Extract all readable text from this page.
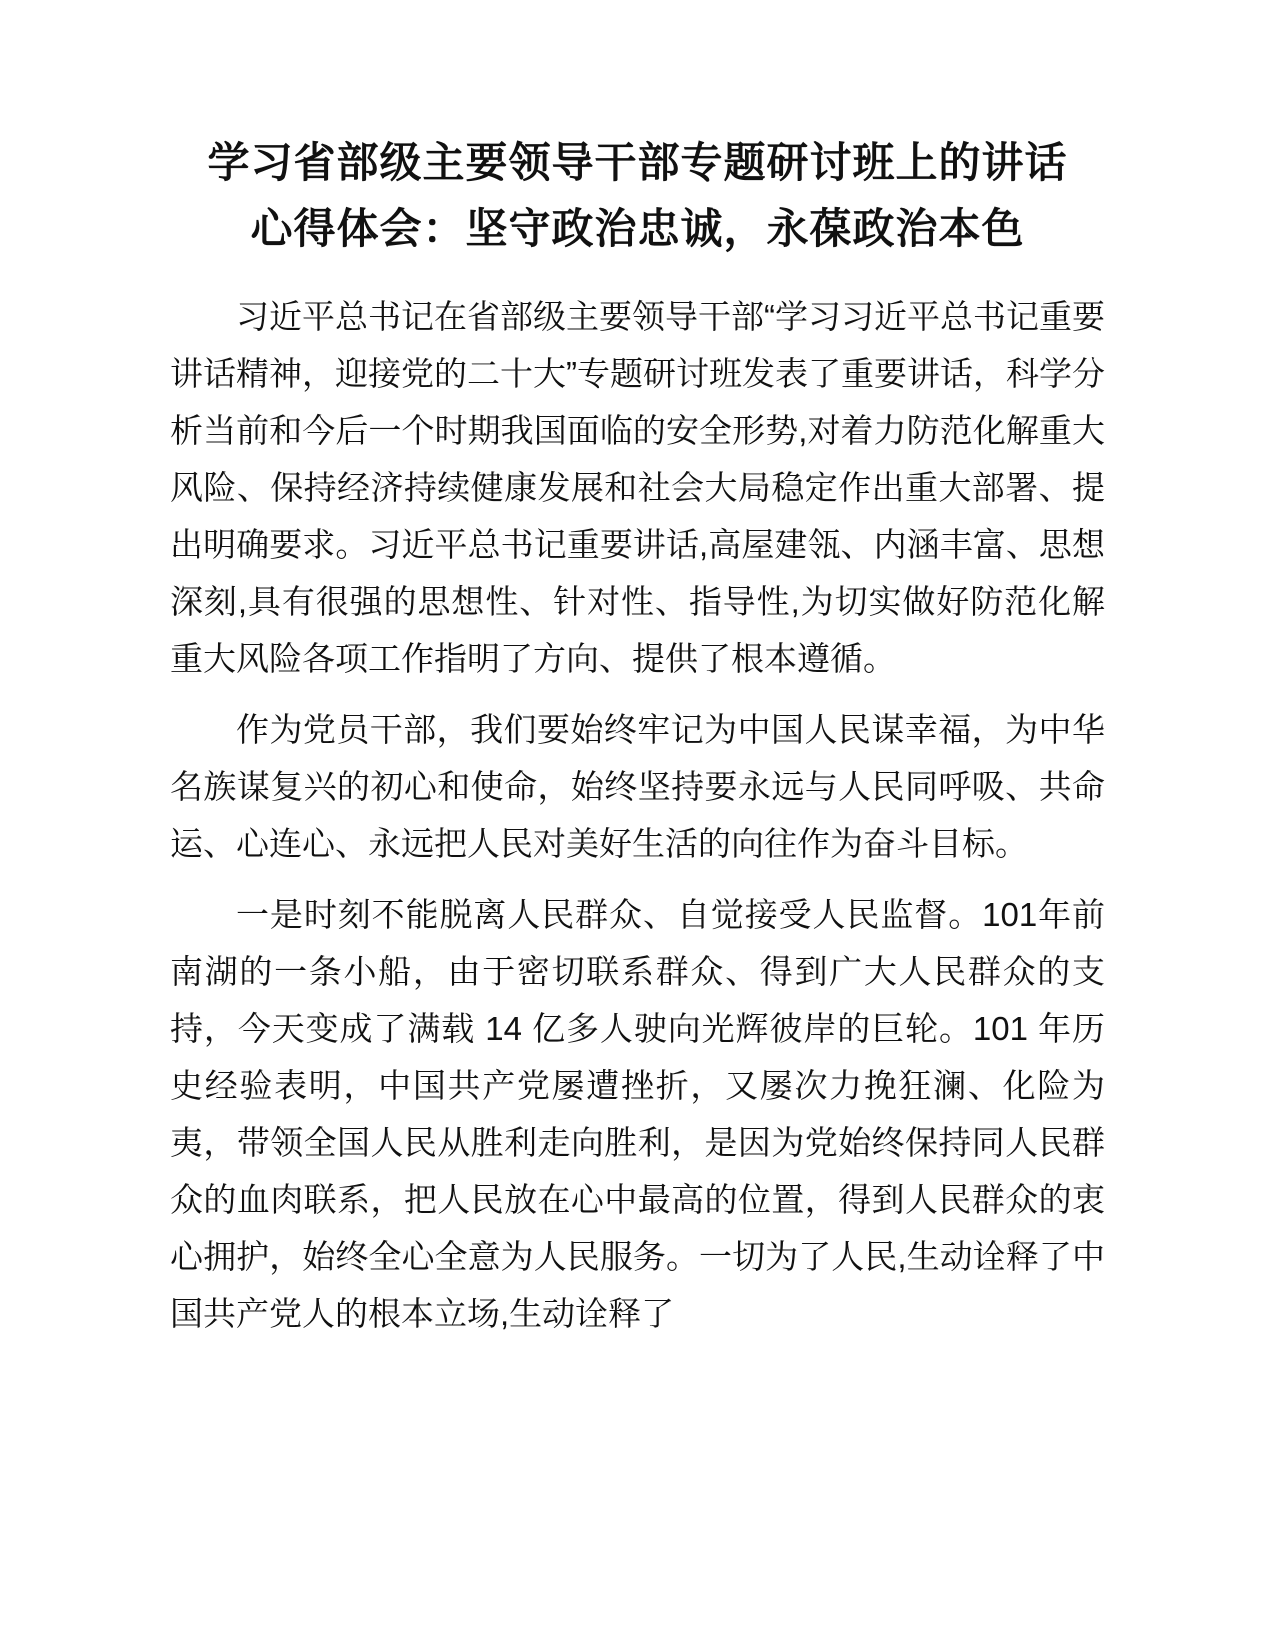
学习省部级主要领导干部专题研讨班上的讲话
心得体会：坚守政治忠诚，永葆政治本色

习近平总书记在省部级主要领导干部“学习习近平总书记重要讲话精神，迎接党的二十大”专题研讨班发表了重要讲话，科学分析当前和今后一个时期我国面临的安全形势,对着力防范化解重大风险、保持经济持续健康发展和社会大局稳定作出重大部署、提出明确要求。习近平总书记重要讲话,高屋建瓴、内涵丰富、思想深刻,具有很强的思想性、针对性、指导性,为切实做好防范化解重大风险各项工作指明了方向、提供了根本遵循。

作为党员干部，我们要始终牢记为中国人民谋幸福，为中华名族谋复兴的初心和使命，始终坚持要永远与人民同呼吸、共命运、心连心、永远把人民对美好生活的向往作为奋斗目标。

一是时刻不能脱离人民群众、自觉接受人民监督。101年前南湖的一条小船，由于密切联系群众、得到广大人民群众的支持，今天变成了满载 14 亿多人驶向光辉彼岸的巨轮。101 年历史经验表明，中国共产党屡遭挫折，又屡次力挽狂澜、化险为夷，带领全国人民从胜利走向胜利，是因为党始终保持同人民群众的血肉联系，把人民放在心中最高的位置，得到人民群众的衷心拥护，始终全心全意为人民服务。一切为了人民,生动诠释了中国共产党人的根本立场,生动诠释了
